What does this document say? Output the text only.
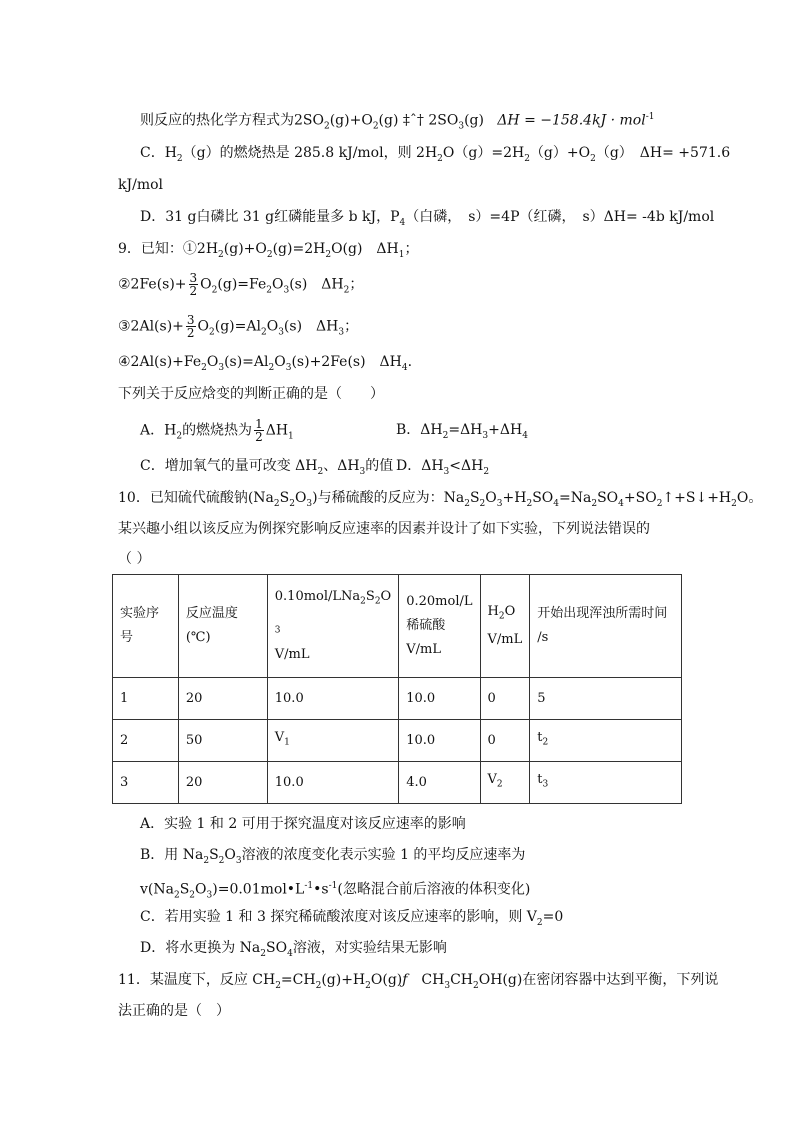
则反应的热化学方程式为$2SO_2(g)+O_2(g)$ ‡ˆ† $2SO_3(g) \Delta H = -158.4kJ \cdot mol^{-1}$
C．$H_2(g)$的燃烧热是 285.8 kJ/mol，则 $2H_2O(g)=2H_2(g)+O_2(g)$　ΔH= +571.6
kJ/mol
D．31 g白磷比 31 g红磷能量多 b kJ，$P_4$（白磷，　s）=4P（红磷，　s）ΔH= -4b kJ/mol
9．已知：$①2H_2(g)+O_2(g)=2H_2O(g)$　$\Delta H_1$；
②2Fe(s)+ $\frac{3}{2} O_2(g)=Fe_2O_3(s)$　$\Delta H_2$；
③2Al(s)+ $\frac{3}{2} O_2(g)=Al_2O_3(s)$　$\Delta H_3$；
$④2Al(s)+Fe_2O_3(s)=Al_2O_3(s)+2Fe(s)$　$\Delta H_4$.
下列关于反应焓变的判断正确的是（　　）
A．$H_2$的燃烧热为 $\frac{1}{2} \Delta H_1$	B．$\Delta H_2=\Delta H_3+\Delta H_4$
C．增加氧气的量可改变 $\Delta H_2$、$\Delta H_3$的值 D．$\Delta H_3<\Delta H_2$
10．已知硫代硫酸钠$(Na_2S_2O_3)$与稀硫酸的反应为：$Na_2S_2O_3+H_2SO_4=Na_2SO_4+SO_2↑+S↓+H_2O$。
某兴趣小组以该反应为例探究影响反应速率的因素并设计了如下实验，下列说法错误的
（ ）
实验序
号	反应温度(℃)	$0.10mol/LNa_2S_2O$
$_3$
V/mL	0.20mol/L
稀硫酸
V/mL	$H_2O$
V/mL	开始出现浑浊所需时间
/s
1	20	10.0	10.0	0	5
2	50	$V_1$	10.0	0	$t_2$
3	20	10.0	4.0	$V_2$	$t_3$
A．实验 1 和 2 可用于探究温度对该反应速率的影响
B．用 $Na_2S_2O_3$溶液的浓度变化表示实验 1 的平均反应速率为
$v(Na_2S_2O_3)=0.01mol•L^{-1}•s^{-1}$(忽略混合前后溶液的体积变化)
C．若用实验 1 和 3 探究稀硫酸浓度对该反应速率的影响，则 $V_2=0$
D．将水更换为 $Na_2SO_4$溶液，对实验结果无影响
11．某温度下，反应 $CH_2=CH_2(g)+H_2O(g)ƒ$　$CH_3CH_2OH(g)$在密闭容器中达到平衡，下列说
法正确的是（　）
